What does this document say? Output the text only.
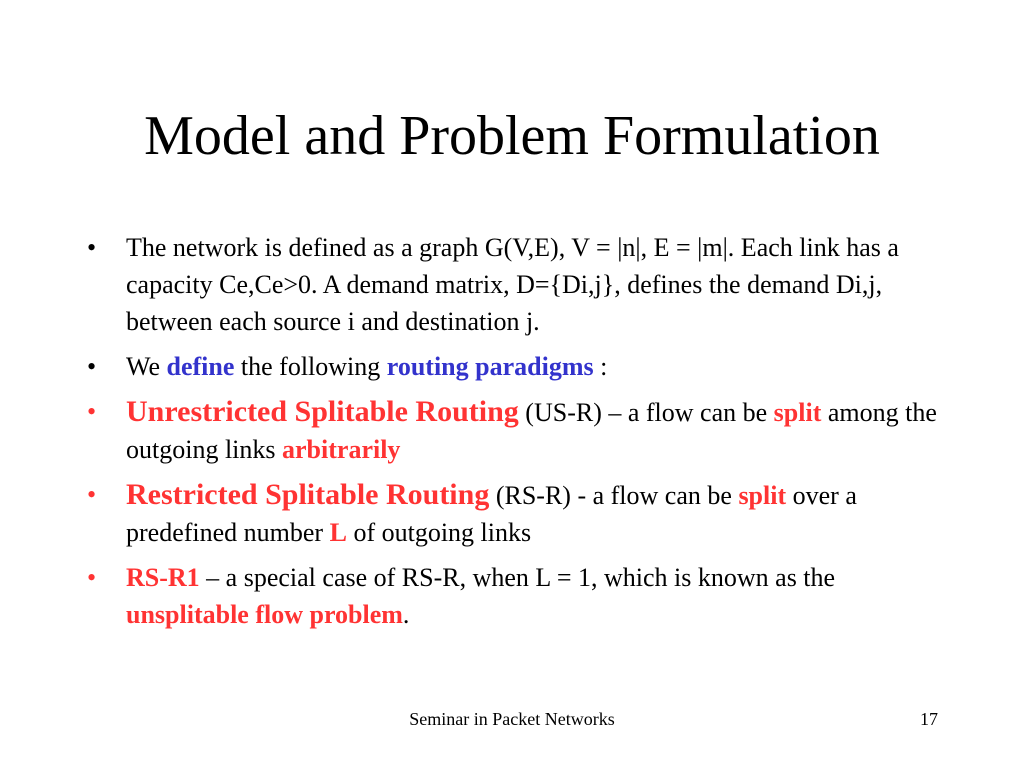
Model and Problem Formulation
• The network is defined as a graph G(V,E), V = |n|, E = |m|. Each link has a capacity Ce,Ce>0. A demand matrix, D={Di,j}, defines the demand Di,j, between each source i and destination j.
• We define the following routing paradigms :
• Unrestricted Splitable Routing (US-R) – a flow can be split among the outgoing links arbitrarily
• Restricted Splitable Routing (RS-R) - a flow can be split over a predefined number L of outgoing links
• RS-R1 – a special case of RS-R, when L = 1, which is known as the unsplitable flow problem.
Seminar in Packet Networks	17
